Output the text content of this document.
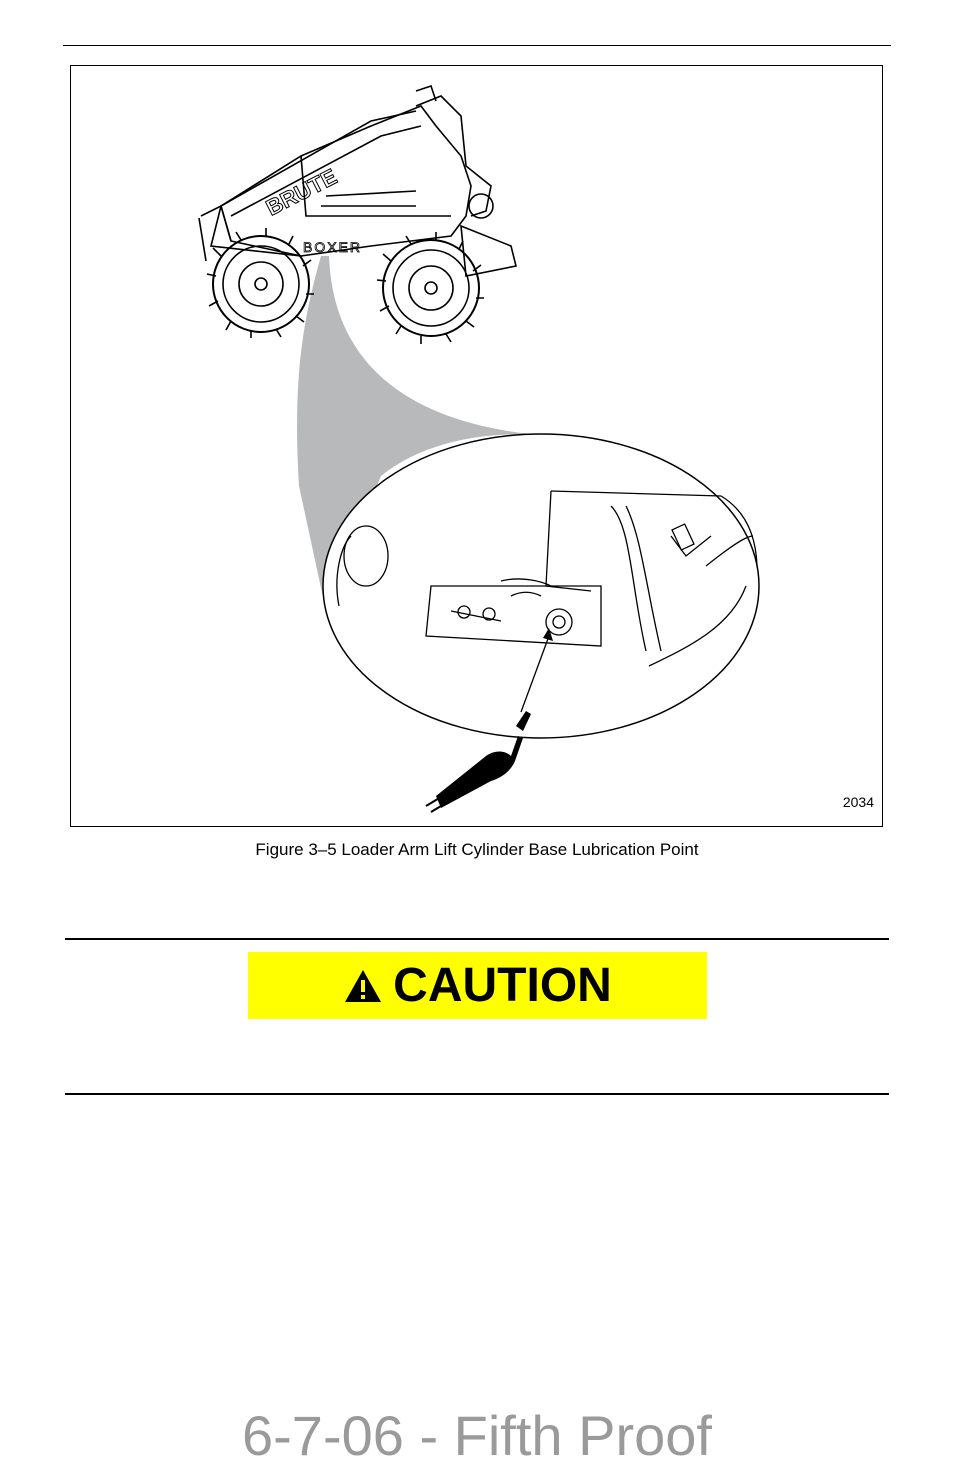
BRUTE
BOXER
2034
Figure 3–5 Loader Arm Lift Cylinder Base Lubrication Point
CAUTION
6-7-06 - Fifth Proof
